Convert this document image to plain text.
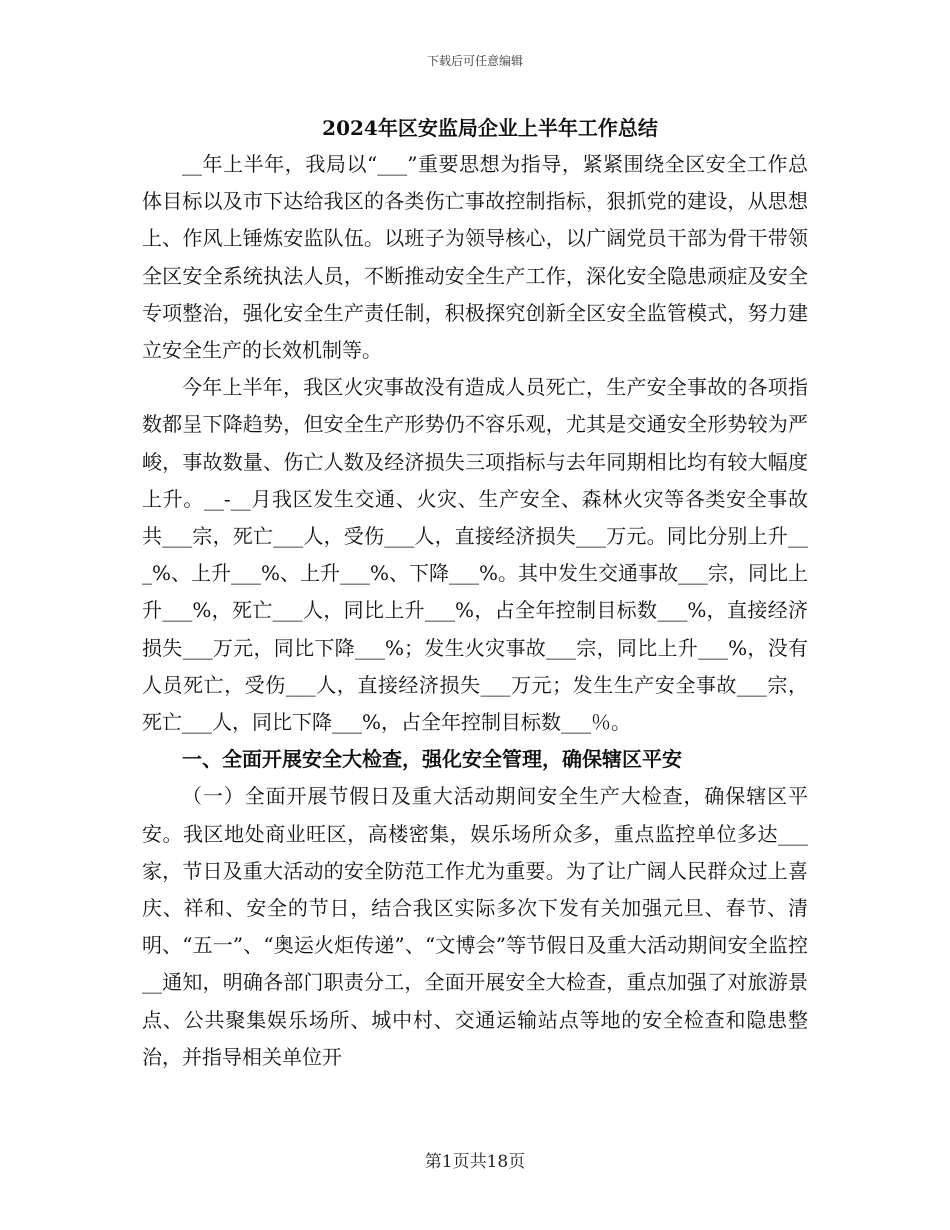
下载后可任意编辑
2024年区安监局企业上半年工作总结

__年上半年，我局以“___”重要思想为指导，紧紧围绕全区安全工作总体目标以及市下达给我区的各类伤亡事故控制指标，狠抓党的建设，从思想上、作风上锤炼安监队伍。以班子为领导核心，以广阔党员干部为骨干带领全区安全系统执法人员，不断推动安全生产工作，深化安全隐患顽症及安全专项整治，强化安全生产责任制，积极探究创新全区安全监管模式，努力建立安全生产的长效机制等。

今年上半年，我区火灾事故没有造成人员死亡，生产安全事故的各项指数都呈下降趋势，但安全生产形势仍不容乐观，尤其是交通安全形势较为严峻，事故数量、伤亡人数及经济损失三项指标与去年同期相比均有较大幅度上升。__-__月我区发生交通、火灾、生产安全、森林火灾等各类安全事故共___宗，死亡___人，受伤___人，直接经济损失___万元。同比分别上升___%、上升___%、上升___%、下降___%。其中发生交通事故___宗，同比上升___%，死亡___人，同比上升___%，占全年控制目标数___%，直接经济损失___万元，同比下降___%；发生火灾事故___宗，同比上升___%，没有人员死亡，受伤___人，直接经济损失___万元；发生生产安全事故___宗，死亡___人，同比下降___%，占全年控制目标数___％。

一、全面开展安全大检查，强化安全管理，确保辖区平安

（一）全面开展节假日及重大活动期间安全生产大检查，确保辖区平安。我区地处商业旺区，高楼密集，娱乐场所众多，重点监控单位多达___家，节日及重大活动的安全防范工作尤为重要。为了让广阔人民群众过上喜庆、祥和、安全的节日，结合我区实际多次下发有关加强元旦、春节、清明、“五一”、“奥运火炬传递”、“文博会”等节假日及重大活动期间安全监控__通知，明确各部门职责分工，全面开展安全大检查，重点加强了对旅游景点、公共聚集娱乐场所、城中村、交通运输站点等地的安全检查和隐患整治，并指导相关单位开

第1页共18页
